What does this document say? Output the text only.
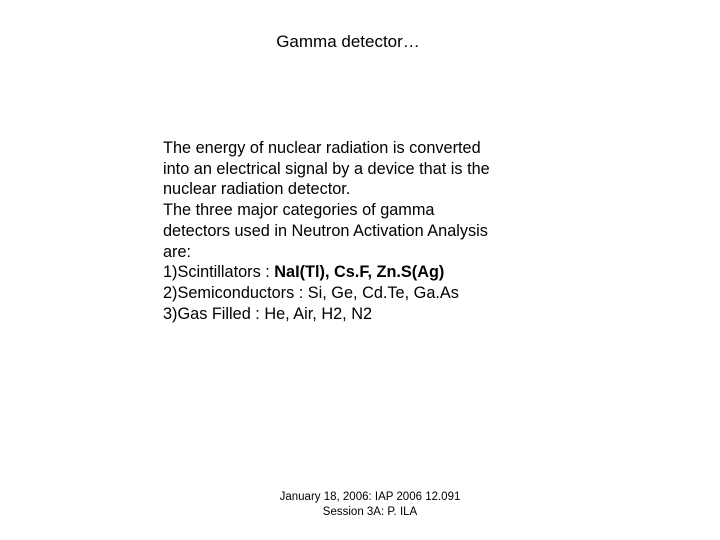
Gamma detector…
The energy of nuclear radiation is converted
into an electrical signal by a device that is the
nuclear radiation detector.
The three major categories of gamma
detectors used in Neutron Activation Analysis
are:
1)Scintillators : NaI(Tl), Cs.F, Zn.S(Ag)
2)Semiconductors : Si, Ge, Cd.Te, Ga.As
3)Gas Filled : He, Air, H2, N2
January 18, 2006: IAP 2006 12.091
Session 3A: P. ILA
